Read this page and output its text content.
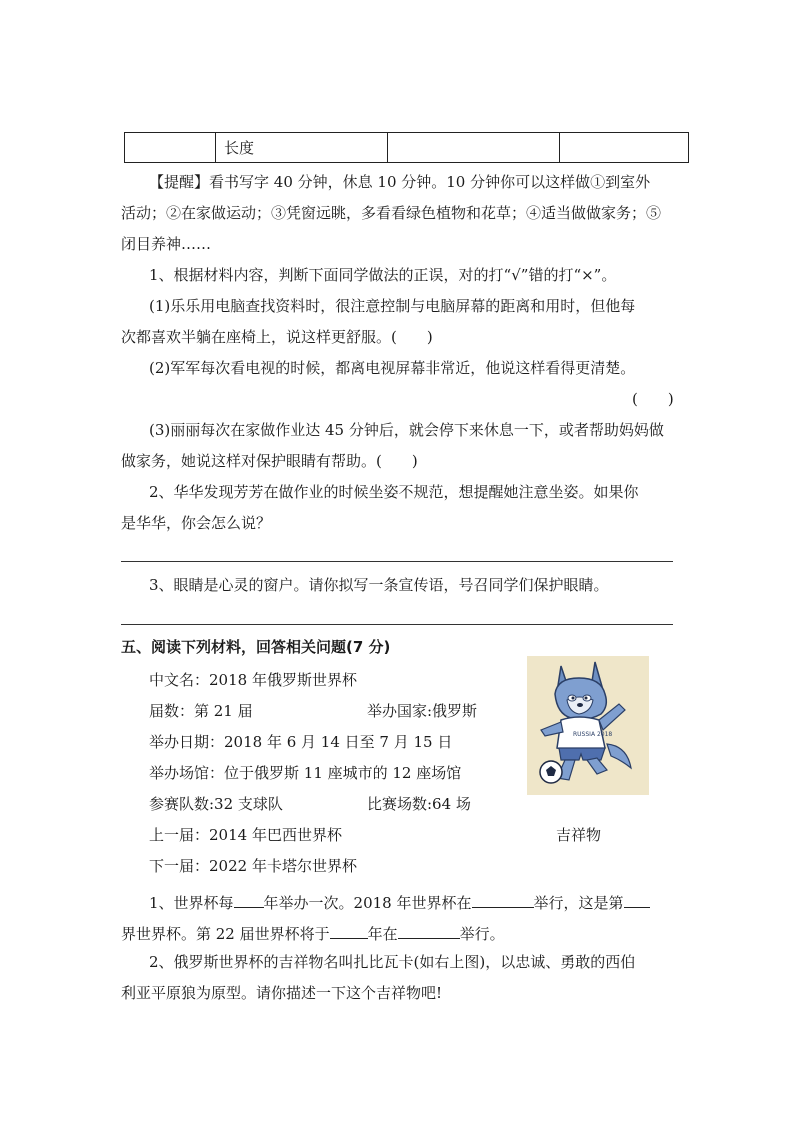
	长度		
【提醒】看书写字 40 分钟，休息 10 分钟。10 分钟你可以这样做①到室外
活动；②在家做运动；③凭窗远眺，多看看绿色植物和花草；④适当做做家务；⑤
闭目养神……
1、根据材料内容，判断下面同学做法的正误，对的打“√”错的打“×”。
(1)乐乐用电脑查找资料时，很注意控制与电脑屏幕的距离和用时，但他每
次都喜欢半躺在座椅上，说这样更舒服。(　　)
(2)军军每次看电视的时候，都离电视屏幕非常近，他说这样看得更清楚。
(　　)
(3)丽丽每次在家做作业达 45 分钟后，就会停下来休息一下，或者帮助妈妈做
做家务，她说这样对保护眼睛有帮助。(　　)
2、华华发现芳芳在做作业的时候坐姿不规范，想提醒她注意坐姿。如果你
是华华，你会怎么说？
3、眼睛是心灵的窗户。请你拟写一条宣传语，号召同学们保护眼睛。
五、阅读下列材料，回答相关问题(7 分)
中文名：2018 年俄罗斯世界杯
届数：第 21 届	举办国家:俄罗斯
举办日期：2018 年 6 月 14 日至 7 月 15 日
举办场馆：位于俄罗斯 11 座城市的 12 座场馆
参赛队数:32 支球队	比赛场数:64 场
上一届：2014 年巴西世界杯	吉祥物
下一届：2022 年卡塔尔世界杯
RUSSIA 2018
1、世界杯每 年举办一次。2018 年世界杯在	举行，这是第
界世界杯。第 22 届世界杯将于	年在	举行。
2、俄罗斯世界杯的吉祥物名叫扎比瓦卡(如右上图)，以忠诚、勇敢的西伯
利亚平原狼为原型。请你描述一下这个吉祥物吧!
